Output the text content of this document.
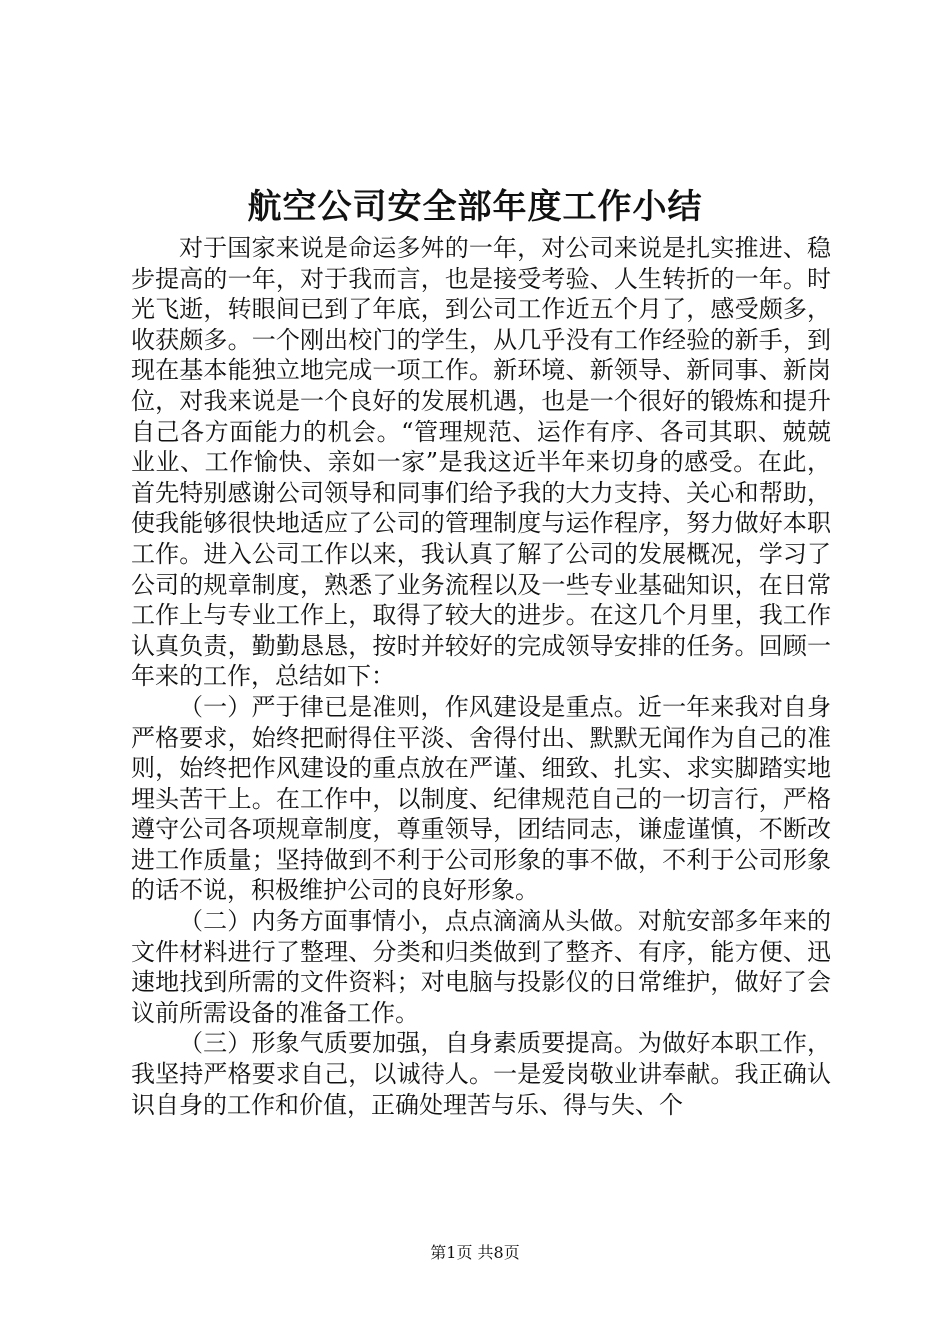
航空公司安全部年度工作小结

对于国家来说是命运多舛的一年，对公司来说是扎实推进、稳步提高的一年，对于我而言，也是接受考验、人生转折的一年。时光飞逝，转眼间已到了年底，到公司工作近五个月了，感受颇多，收获颇多。一个刚出校门的学生，从几乎没有工作经验的新手，到现在基本能独立地完成一项工作。新环境、新领导、新同事、新岗位，对我来说是一个良好的发展机遇，也是一个很好的锻炼和提升自己各方面能力的机会。“管理规范、运作有序、各司其职、兢兢业业、工作愉快、亲如一家”是我这近半年来切身的感受。在此，首先特别感谢公司领导和同事们给予我的大力支持、关心和帮助，使我能够很快地适应了公司的管理制度与运作程序，努力做好本职工作。进入公司工作以来，我认真了解了公司的发展概况，学习了公司的规章制度，熟悉了业务流程以及一些专业基础知识，在日常工作上与专业工作上，取得了较大的进步。在这几个月里，我工作认真负责，勤勤恳恳，按时并较好的完成领导安排的任务。回顾一年来的工作，总结如下：

（一）严于律已是准则，作风建设是重点。近一年来我对自身严格要求，始终把耐得住平淡、舍得付出、默默无闻作为自己的准则，始终把作风建设的重点放在严谨、细致、扎实、求实脚踏实地埋头苦干上。在工作中，以制度、纪律规范自己的一切言行，严格遵守公司各项规章制度，尊重领导，团结同志，谦虚谨慎，不断改进工作质量；坚持做到不利于公司形象的事不做，不利于公司形象的话不说，积极维护公司的良好形象。

（二）内务方面事情小，点点滴滴从头做。对航安部多年来的文件材料进行了整理、分类和归类做到了整齐、有序，能方便、迅速地找到所需的文件资料；对电脑与投影仪的日常维护，做好了会议前所需设备的准备工作。

（三）形象气质要加强，自身素质要提高。为做好本职工作，我坚持严格要求自己，以诚待人。一是爱岗敬业讲奉献。我正确认识自身的工作和价值，正确处理苦与乐、得与失、个

第1页 共8页
